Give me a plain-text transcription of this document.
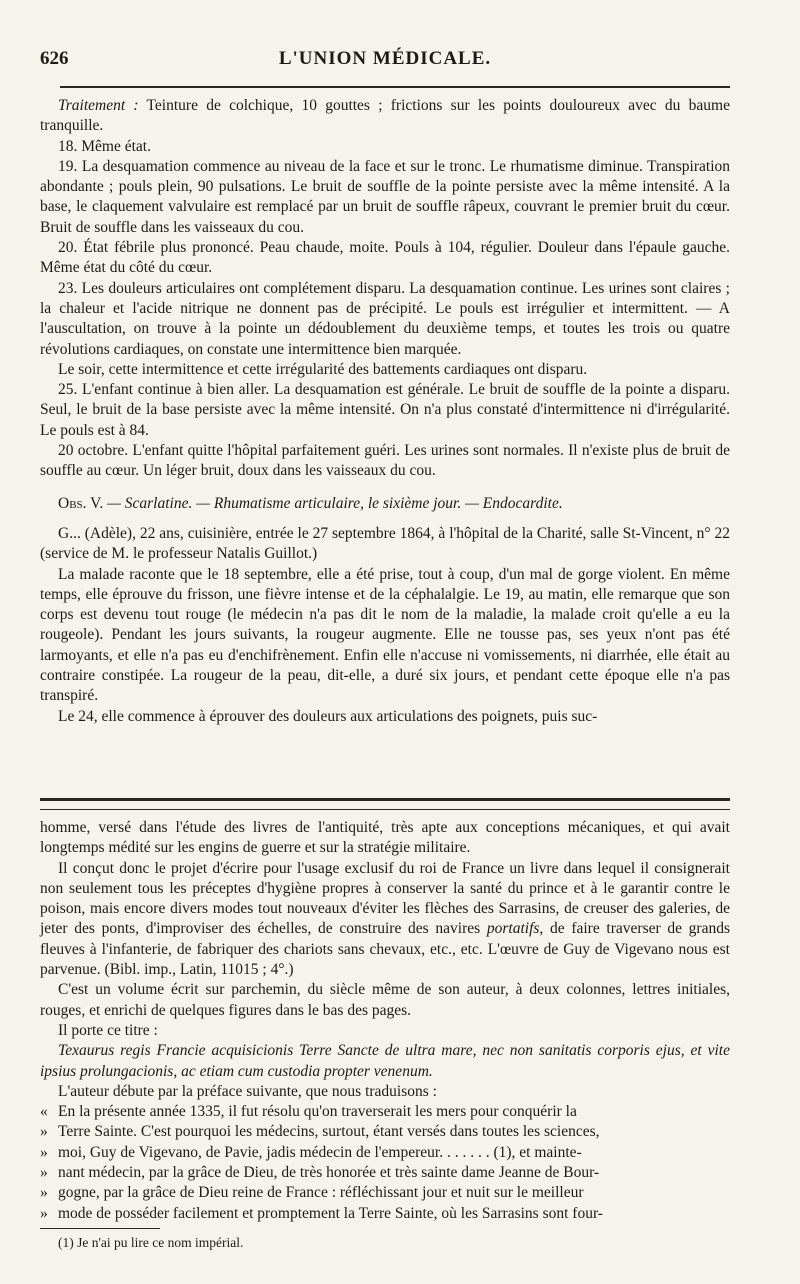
626	L'UNION MÉDICALE.

Traitement : Teinture de colchique, 10 gouttes ; frictions sur les points douloureux avec du baume tranquille.

18. Même état.

19. La desquamation commence au niveau de la face et sur le tronc. Le rhumatisme diminue. Transpiration abondante ; pouls plein, 90 pulsations. Le bruit de souffle de la pointe persiste avec la même intensité. A la base, le claquement valvulaire est remplacé par un bruit de souffle râpeux, couvrant le premier bruit du cœur. Bruit de souffle dans les vaisseaux du cou.

20. État fébrile plus prononcé. Peau chaude, moite. Pouls à 104, régulier. Douleur dans l'épaule gauche. Même état du côté du cœur.

23. Les douleurs articulaires ont complétement disparu. La desquamation continue. Les urines sont claires ; la chaleur et l'acide nitrique ne donnent pas de précipité. Le pouls est irrégulier et intermittent. — A l'auscultation, on trouve à la pointe un dédoublement du deuxième temps, et toutes les trois ou quatre révolutions cardiaques, on constate une intermittence bien marquée.

Le soir, cette intermittence et cette irrégularité des battements cardiaques ont disparu.

25. L'enfant continue à bien aller. La desquamation est générale. Le bruit de souffle de la pointe a disparu. Seul, le bruit de la base persiste avec la même intensité. On n'a plus constaté d'intermittence ni d'irrégularité. Le pouls est à 84.

20 octobre. L'enfant quitte l'hôpital parfaitement guéri. Les urines sont normales. Il n'existe plus de bruit de souffle au cœur. Un léger bruit, doux dans les vaisseaux du cou.

Obs. V. — Scarlatine. — Rhumatisme articulaire, le sixième jour. — Endocardite.

G... (Adèle), 22 ans, cuisinière, entrée le 27 septembre 1864, à l'hôpital de la Charité, salle St-Vincent, n° 22 (service de M. le professeur Natalis Guillot.)

La malade raconte que le 18 septembre, elle a été prise, tout à coup, d'un mal de gorge violent. En même temps, elle éprouve du frisson, une fièvre intense et de la céphalalgie. Le 19, au matin, elle remarque que son corps est devenu tout rouge (le médecin n'a pas dit le nom de la maladie, la malade croit qu'elle a eu la rougeole). Pendant les jours suivants, la rougeur augmente. Elle ne tousse pas, ses yeux n'ont pas été larmoyants, et elle n'a pas eu d'enchifrènement. Enfin elle n'accuse ni vomissements, ni diarrhée, elle était au contraire constipée. La rougeur de la peau, dit-elle, a duré six jours, et pendant cette époque elle n'a pas transpiré.

Le 24, elle commence à éprouver des douleurs aux articulations des poignets, puis suc-

homme, versé dans l'étude des livres de l'antiquité, très apte aux conceptions mécaniques, et qui avait longtemps médité sur les engins de guerre et sur la stratégie militaire.

Il conçut donc le projet d'écrire pour l'usage exclusif du roi de France un livre dans lequel il consignerait non seulement tous les préceptes d'hygiène propres à conserver la santé du prince et à le garantir contre le poison, mais encore divers modes tout nouveaux d'éviter les flèches des Sarrasins, de creuser des galeries, de jeter des ponts, d'improviser des échelles, de construire des navires portatifs, de faire traverser de grands fleuves à l'infanterie, de fabriquer des chariots sans chevaux, etc., etc. L'œuvre de Guy de Vigevano nous est parvenue. (Bibl. imp., Latin, 11015 ; 4°.)

C'est un volume écrit sur parchemin, du siècle même de son auteur, à deux colonnes, lettres initiales, rouges, et enrichi de quelques figures dans le bas des pages.

Il porte ce titre :

Texaurus regis Francie acquisicionis Terre Sancte de ultra mare, nec non sanitatis corporis ejus, et vite ipsius prolungacionis, ac etiam cum custodia propter venenum.

L'auteur débute par la préface suivante, que nous traduisons :

« En la présente année 1335, il fut résolu qu'on traverserait les mers pour conquérir la

» Terre Sainte. C'est pourquoi les médecins, surtout, étant versés dans toutes les sciences,

» moi, Guy de Vigevano, de Pavie, jadis médecin de l'empereur. . . . . . . (1), et mainte-

» nant médecin, par la grâce de Dieu, de très honorée et très sainte dame Jeanne de Bour-

» gogne, par la grâce de Dieu reine de France : réfléchissant jour et nuit sur le meilleur

» mode de posséder facilement et promptement la Terre Sainte, où les Sarrasins sont four-

(1) Je n'ai pu lire ce nom impérial.
